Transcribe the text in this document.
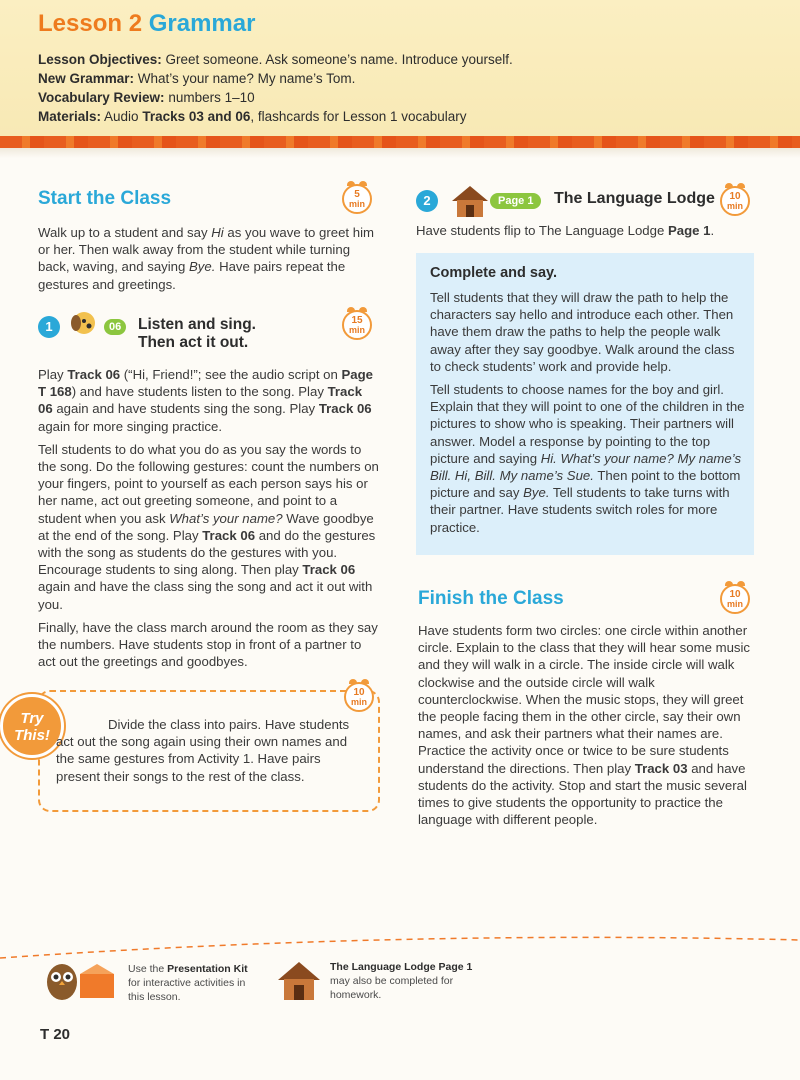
Lesson 2 Grammar
Lesson Objectives: Greet someone. Ask someone’s name. Introduce yourself.
New Grammar: What’s your name? My name’s Tom.
Vocabulary Review: numbers 1–10
Materials: Audio Tracks 03 and 06, flashcards for Lesson 1 vocabulary
Start the Class	5
min
Walk up to a student and say Hi as you wave to greet him or her. Then walk away from the student while turning back, waving, and saying Bye. Have pairs repeat the gestures and greetings.
1	06	Listen and sing.
Then act it out.
15
min
Play Track 06 (“Hi, Friend!”; see the audio script on Page T 168) and have students listen to the song. Play Track 06 again and have students sing the song. Play Track 06 again for more singing practice.
Tell students to do what you do as you say the words to the song. Do the following gestures: count the numbers on your fingers, point to yourself as each person says his or her name, act out greeting someone, and point to a student when you ask What’s your name? Wave goodbye at the end of the song. Play Track 06 and do the gestures with the song as students do the gestures with you. Encourage students to sing along. Then play Track 06 again and have the class sing the song and act it out with you.
Finally, have the class march around the room as they say the numbers. Have students stop in front of a partner to act out the greetings and goodbyes.
Try
This!
10
min
Divide the class into pairs. Have students act out the song again using their own names and the same gestures from Activity 1. Have pairs present their songs to the rest of the class.
2	Page 1	The Language Lodge	10
min
Have students flip to The Language Lodge Page 1.
Complete and say.
Tell students that they will draw the path to help the characters say hello and introduce each other. Then have them draw the paths to help the people walk away after they say goodbye. Walk around the class to check students’ work and provide help.
Tell students to choose names for the boy and girl. Explain that they will point to one of the children in the pictures to show who is speaking. Their partners will answer. Model a response by pointing to the top picture and saying Hi. What’s your name? My name’s Bill. Hi, Bill. My name’s Sue. Then point to the bottom picture and say Bye. Tell students to take turns with their partner. Have students switch roles for more practice.
Finish the Class	10
min
Have students form two circles: one circle within another circle. Explain to the class that they will hear some music and they will walk in a circle. The inside circle will walk clockwise and the outside circle will walk counterclockwise. When the music stops, they will greet the people facing them in the other circle, say their own names, and ask their partners what their names are. Practice the activity once or twice to be sure students understand the directions. Then play Track 03 and have students do the activity. Stop and start the music several times to give students the opportunity to practice the language with different people.
Use the Presentation Kit for interactive activities in this lesson.
The Language Lodge Page 1 may also be completed for homework.
T 20
